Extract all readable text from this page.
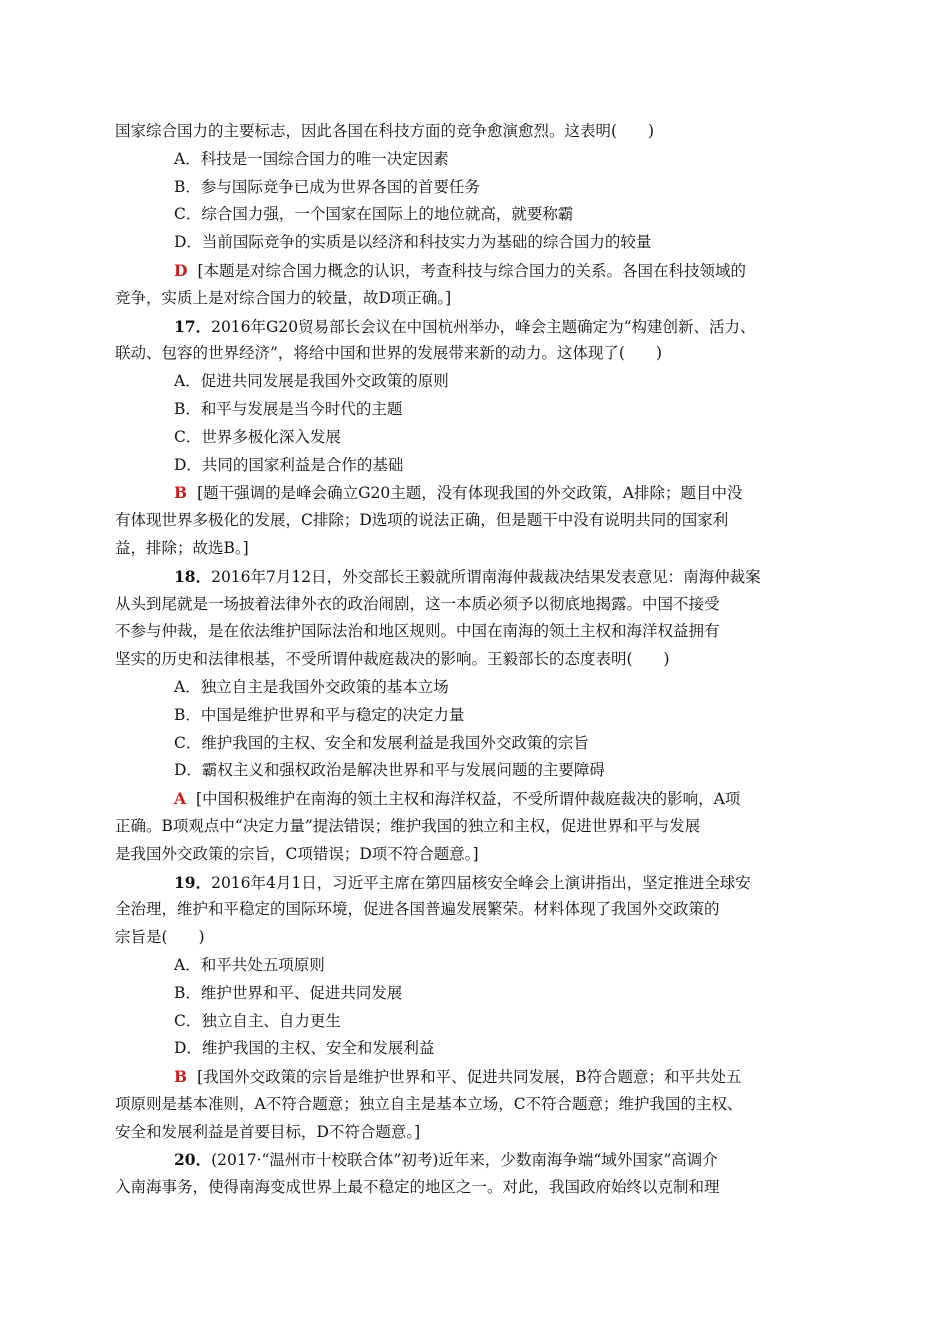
国家综合国力的主要标志，因此各国在科技方面的竞争愈演愈烈。这表明(　　)
A．科技是一国综合国力的唯一决定因素
B．参与国际竞争已成为世界各国的首要任务
C．综合国力强，一个国家在国际上的地位就高，就要称霸
D．当前国际竞争的实质是以经济和科技实力为基础的综合国力的较量
D [本题是对综合国力概念的认识，考查科技与综合国力的关系。各国在科技领域的
竞争，实质上是对综合国力的较量，故D项正确。]
17．2016年G20贸易部长会议在中国杭州举办，峰会主题确定为“构建创新、活力、
联动、包容的世界经济”，将给中国和世界的发展带来新的动力。这体现了(　　)
A．促进共同发展是我国外交政策的原则
B．和平与发展是当今时代的主题
C．世界多极化深入发展
D．共同的国家利益是合作的基础
B [题干强调的是峰会确立G20主题，没有体现我国的外交政策，A排除；题目中没
有体现世界多极化的发展，C排除；D选项的说法正确，但是题干中没有说明共同的国家利
益，排除；故选B。]
18．2016年7月12日，外交部长王毅就所谓南海仲裁裁决结果发表意见：南海仲裁案
从头到尾就是一场披着法律外衣的政治闹剧，这一本质必须予以彻底地揭露。中国不接受
不参与仲裁，是在依法维护国际法治和地区规则。中国在南海的领土主权和海洋权益拥有
坚实的历史和法律根基，不受所谓仲裁庭裁决的影响。王毅部长的态度表明(　　)
A．独立自主是我国外交政策的基本立场
B．中国是维护世界和平与稳定的决定力量
C．维护我国的主权、安全和发展利益是我国外交政策的宗旨
D．霸权主义和强权政治是解决世界和平与发展问题的主要障碍
A [中国积极维护在南海的领土主权和海洋权益，不受所谓仲裁庭裁决的影响，A项
正确。B项观点中“决定力量”提法错误；维护我国的独立和主权，促进世界和平与发展
是我国外交政策的宗旨，C项错误；D项不符合题意。]
19．2016年4月1日，习近平主席在第四届核安全峰会上演讲指出，坚定推进全球安
全治理，维护和平稳定的国际环境，促进各国普遍发展繁荣。材料体现了我国外交政策的
宗旨是(　　)
A．和平共处五项原则
B．维护世界和平、促进共同发展
C．独立自主、自力更生
D．维护我国的主权、安全和发展利益
B [我国外交政策的宗旨是维护世界和平、促进共同发展，B符合题意；和平共处五
项原则是基本准则，A不符合题意；独立自主是基本立场，C不符合题意；维护我国的主权、
安全和发展利益是首要目标，D不符合题意。]
20．(2017·“温州市十校联合体”初考)近年来，少数南海争端“域外国家”高调介
入南海事务，使得南海变成世界上最不稳定的地区之一。对此，我国政府始终以克制和理
